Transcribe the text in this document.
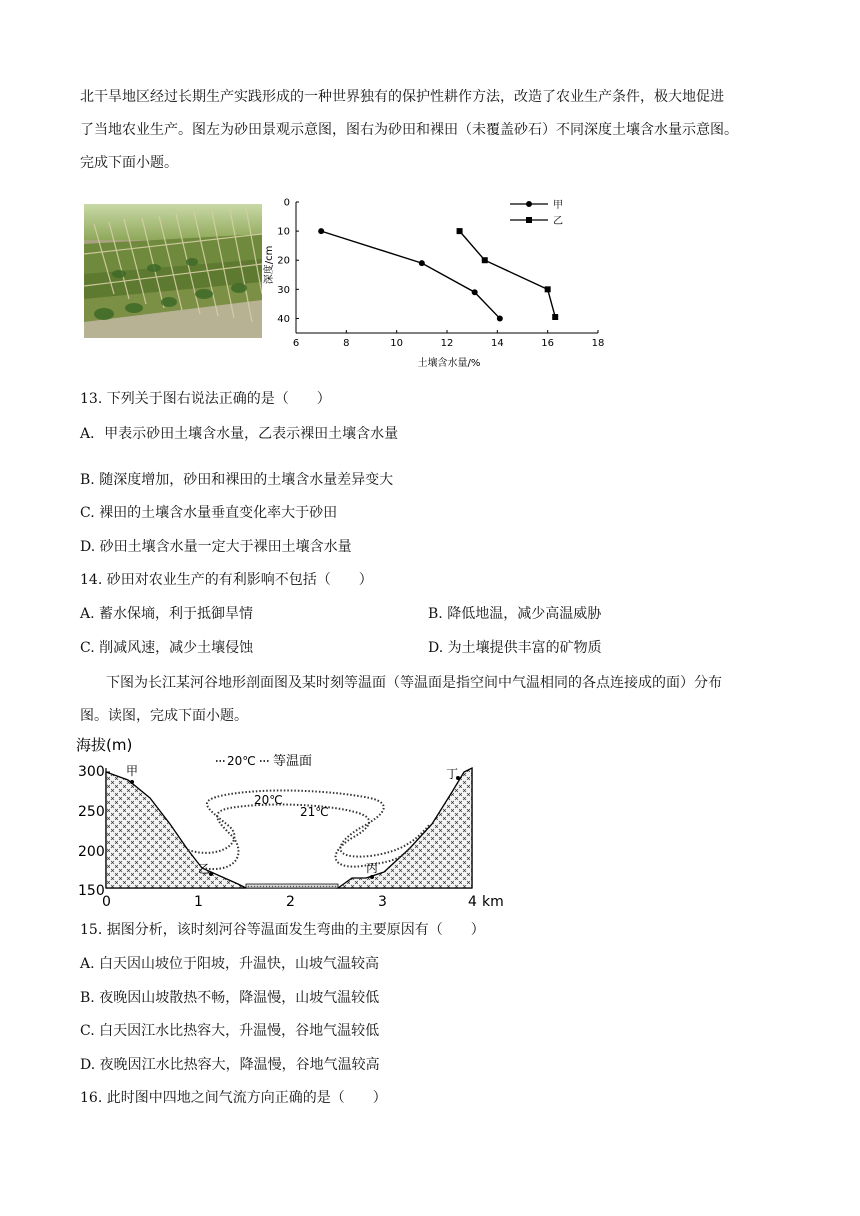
北干旱地区经过长期生产实践形成的一种世界独有的保护性耕作方法，改造了农业生产条件，极大地促进
了当地农业生产。图左为砂田景观示意图，图右为砂田和裸田（未覆盖砂石）不同深度土壤含水量示意图。
完成下面小题。
6	8	10	12	14	16	18
0
10
20
30
40
甲
乙
土壤含水量/%
深度/cm
13. 下列关于图右说法正确的是（　　）
A．甲表示砂田土壤含水量，乙表示裸田土壤含水量
B. 随深度增加，砂田和裸田的土壤含水量差异变大
C. 裸田的土壤含水量垂直变化率大于砂田
D. 砂田土壤含水量一定大于裸田土壤含水量
14. 砂田对农业生产的有利影响不包括（　　）
A. 蓄水保墒，利于抵御旱情	B. 降低地温，减少高温威胁
C. 削减风速，减少土壤侵蚀	D. 为土壤提供丰富的矿物质
下图为长江某河谷地形剖面图及某时刻等温面（等温面是指空间中气温相同的各点连接成的面）分布
图。读图，完成下面小题。
海拔(m)
300
250
200
150
20℃
21℃
20℃ 等温面
甲
乙	丙
丁
0	1	2	3	4 km
15. 据图分析，该时刻河谷等温面发生弯曲的主要原因有（　　）
A. 白天因山坡位于阳坡，升温快，山坡气温较高
B. 夜晚因山坡散热不畅，降温慢，山坡气温较低
C. 白天因江水比热容大，升温慢，谷地气温较低
D. 夜晚因江水比热容大，降温慢，谷地气温较高
16. 此时图中四地之间气流方向正确的是（　　）
